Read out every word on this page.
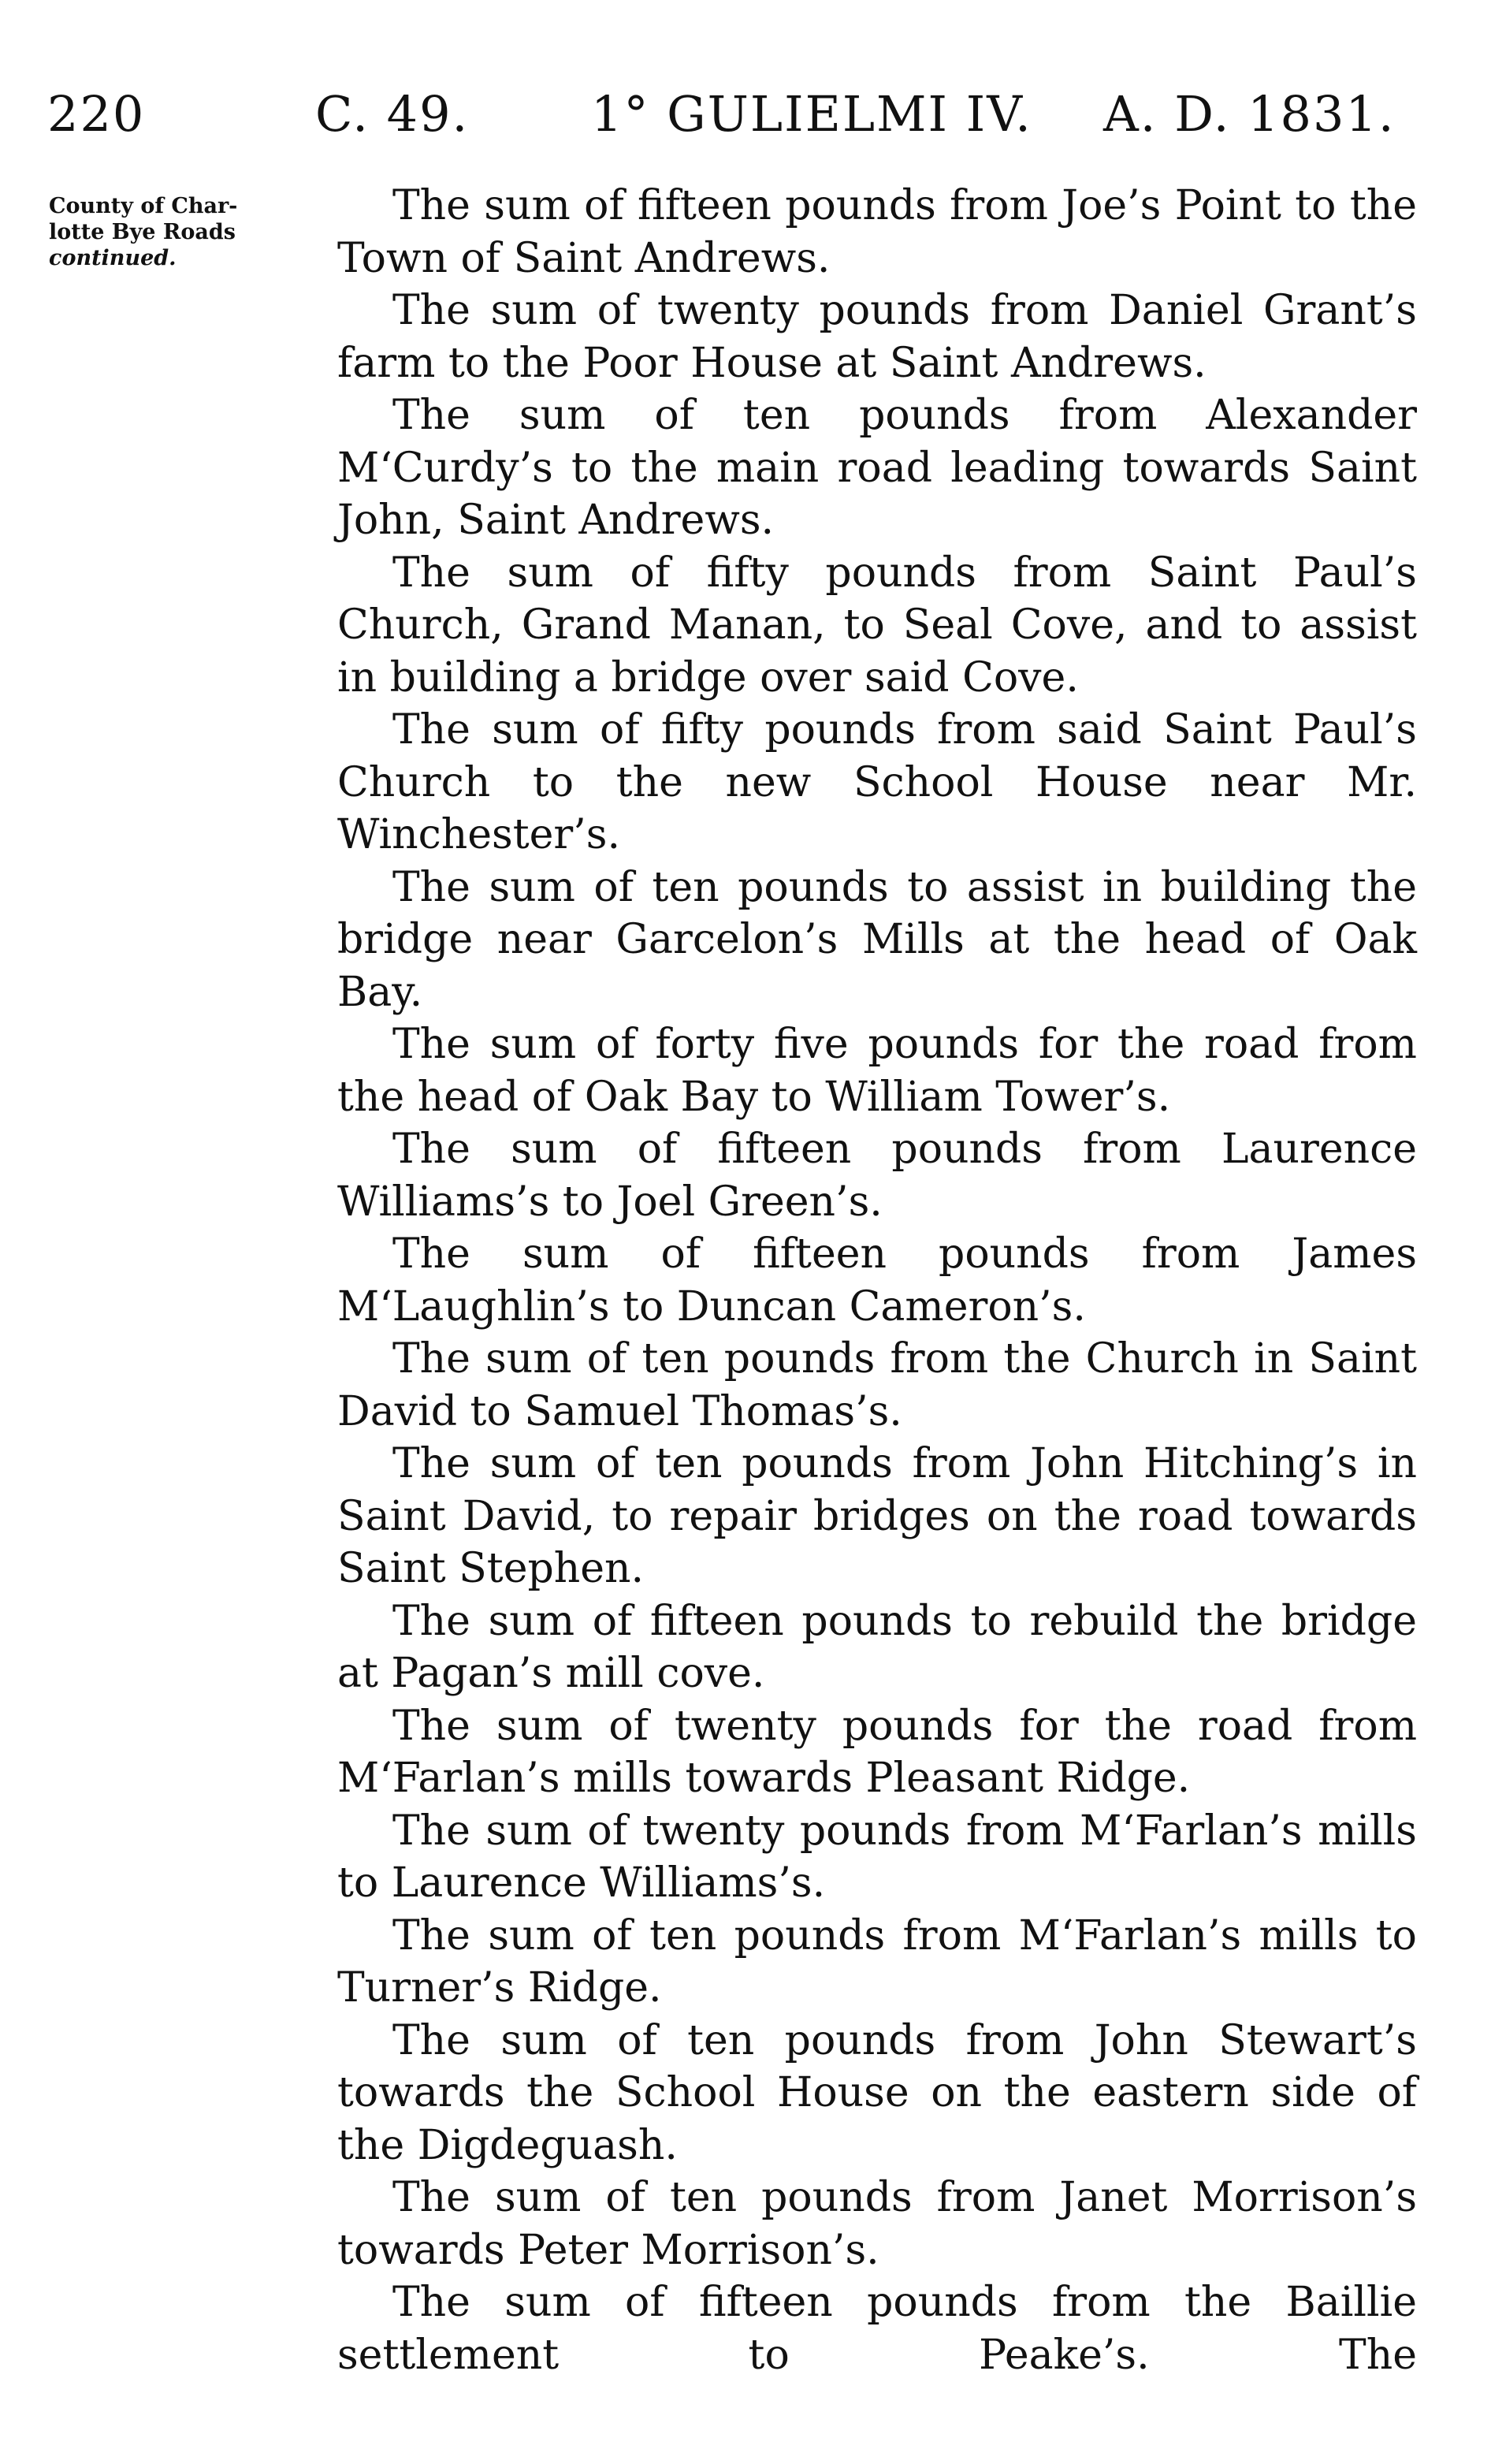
220	C. 49. 1° GULIELMI IV. A. D. 1831.
County of Char-
lotte Bye Roads
continued.

The sum of fifteen pounds from Joe’s Point to the Town of Saint Andrews.

The sum of twenty pounds from Daniel Grant’s farm to the Poor House at Saint Andrews.

The sum of ten pounds from Alexander M‘Curdy’s to the main road leading towards Saint John, Saint Andrews.

The sum of fifty pounds from Saint Paul’s Church, Grand Manan, to Seal Cove, and to assist in building a bridge over said Cove.

The sum of fifty pounds from said Saint Paul’s Church to the new School House near Mr. Winchester’s.

The sum of ten pounds to assist in building the bridge near Garcelon’s Mills at the head of Oak Bay.

The sum of forty five pounds for the road from the head of Oak Bay to William Tower’s.

The sum of fifteen pounds from Laurence Williams’s to Joel Green’s.

The sum of fifteen pounds from James M‘Laughlin’s to Duncan Cameron’s.

The sum of ten pounds from the Church in Saint David to Samuel Thomas’s.

The sum of ten pounds from John Hitching’s in Saint David, to repair bridges on the road towards Saint Stephen.

The sum of fifteen pounds to rebuild the bridge at Pagan’s mill cove.

The sum of twenty pounds for the road from M‘Farlan’s mills towards Pleasant Ridge.

The sum of twenty pounds from M‘Farlan’s mills to Laurence Williams’s.

The sum of ten pounds from M‘Farlan’s mills to Turner’s Ridge.

The sum of ten pounds from John Stewart’s towards the School House on the eastern side of the Digdeguash.

The sum of ten pounds from Janet Morrison’s towards Peter Morrison’s.

The sum of fifteen pounds from the Baillie settlement to Peake’s. The
